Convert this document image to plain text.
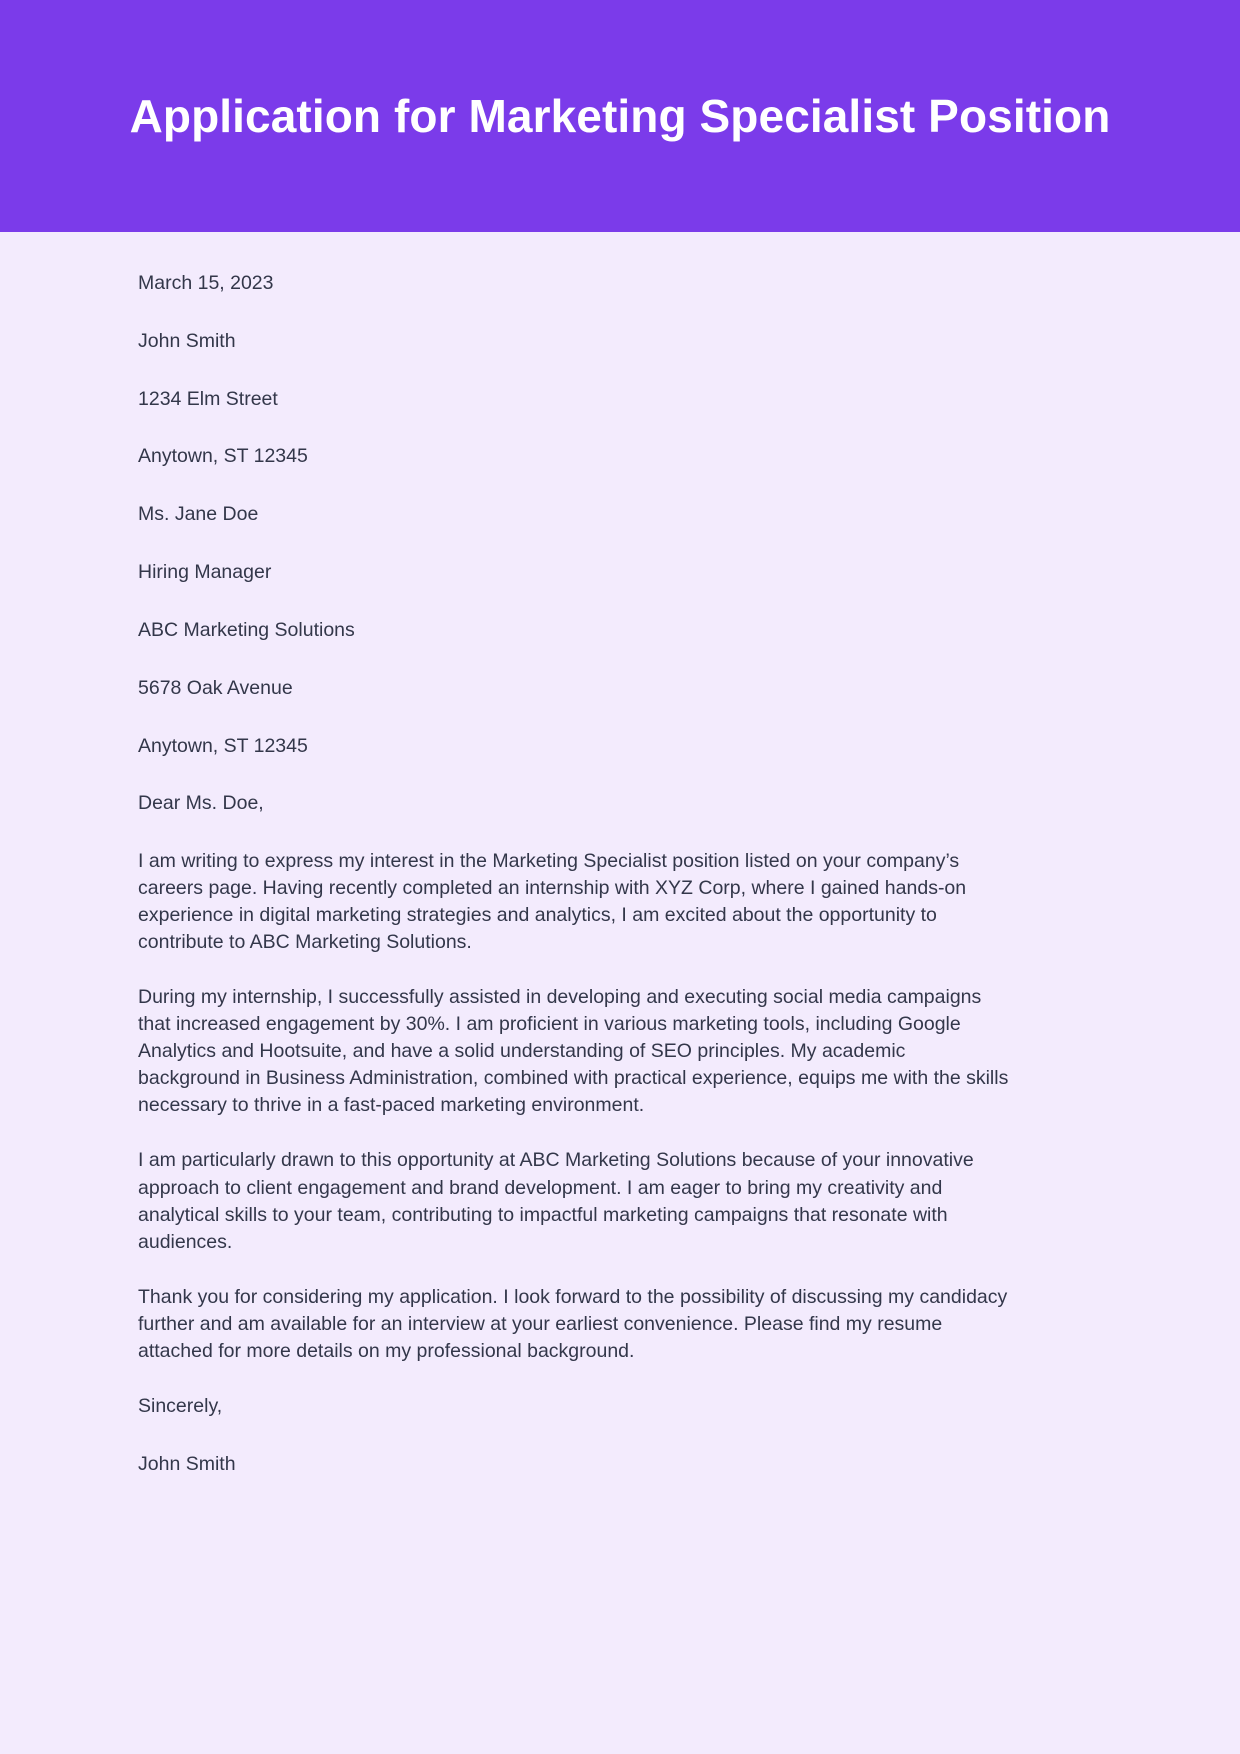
Application for Marketing Specialist Position

March 15, 2023

John Smith

1234 Elm Street

Anytown, ST 12345

Ms. Jane Doe

Hiring Manager

ABC Marketing Solutions

5678 Oak Avenue

Anytown, ST 12345

Dear Ms. Doe,

I am writing to express my interest in the Marketing Specialist position listed on your company’s careers page. Having recently completed an internship with XYZ Corp, where I gained hands-on experience in digital marketing strategies and analytics, I am excited about the opportunity to contribute to ABC Marketing Solutions.

During my internship, I successfully assisted in developing and executing social media campaigns that increased engagement by 30%. I am proficient in various marketing tools, including Google Analytics and Hootsuite, and have a solid understanding of SEO principles. My academic background in Business Administration, combined with practical experience, equips me with the skills necessary to thrive in a fast-paced marketing environment.

I am particularly drawn to this opportunity at ABC Marketing Solutions because of your innovative approach to client engagement and brand development. I am eager to bring my creativity and analytical skills to your team, contributing to impactful marketing campaigns that resonate with audiences.

Thank you for considering my application. I look forward to the possibility of discussing my candidacy further and am available for an interview at your earliest convenience. Please find my resume attached for more details on my professional background.

Sincerely,

John Smith
